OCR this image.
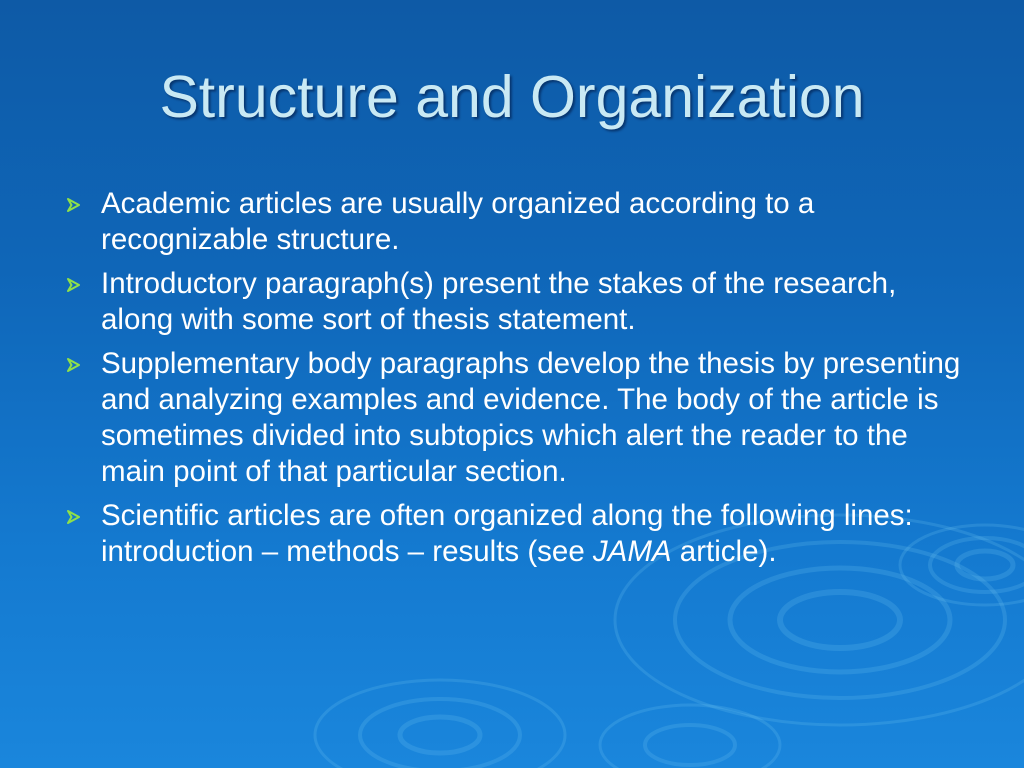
Structure and Organization
Academic articles are usually organized according to a recognizable structure.
Introductory paragraph(s) present the stakes of the research, along with some sort of thesis statement.
Supplementary body paragraphs develop the thesis by presenting and analyzing examples and evidence. The body of the article is sometimes divided into subtopics which alert the reader to the main point of that particular section.
Scientific articles are often organized along the following lines: introduction – methods – results (see JAMA article).
